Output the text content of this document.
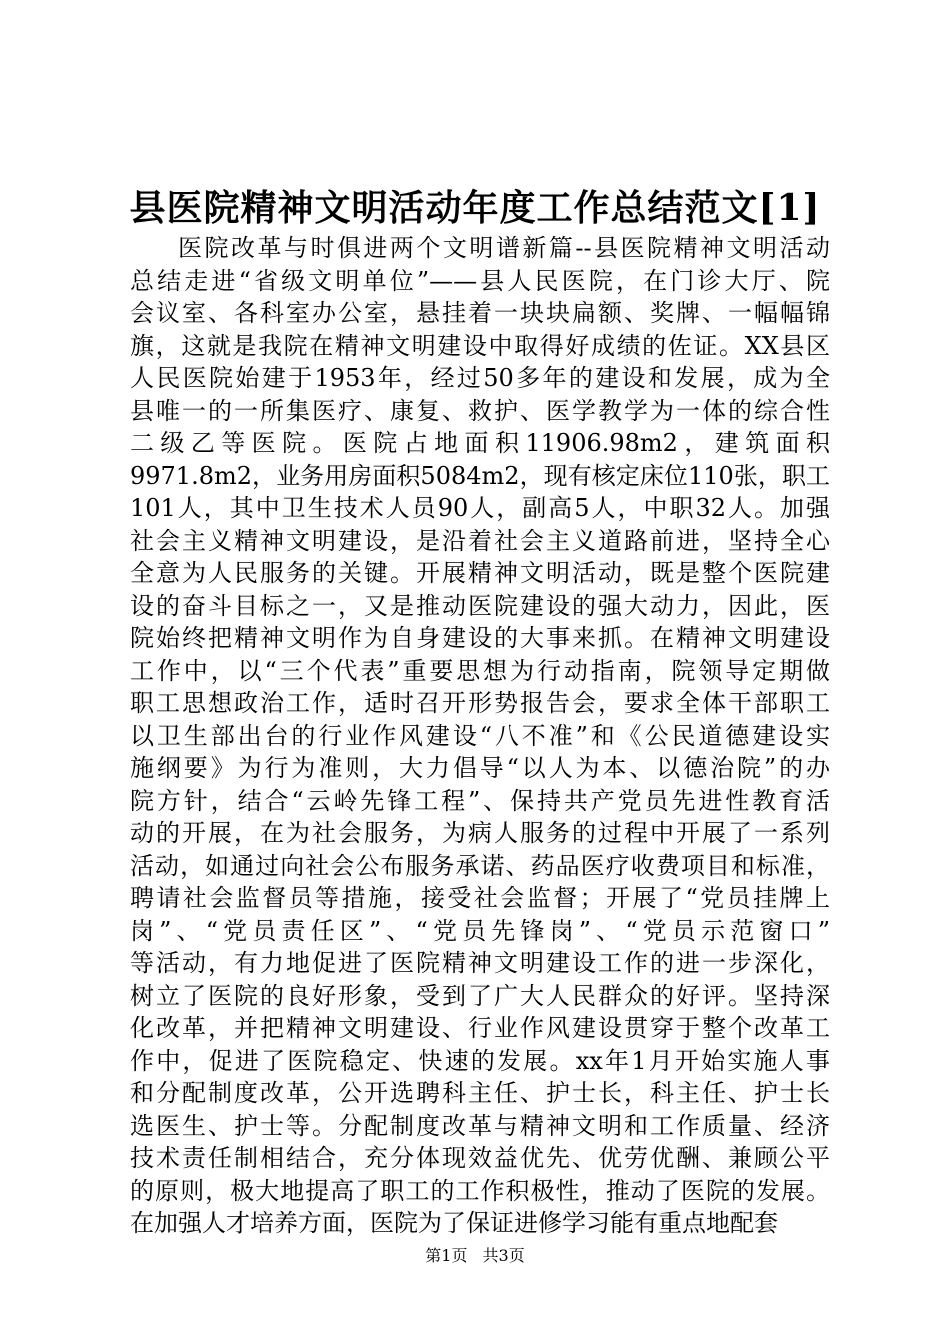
县医院精神文明活动年度工作总结范文[1]
医院改革与时俱进两个文明谱新篇--县医院精神文明活动
总结走进“省级文明单位”——县人民医院，在门诊大厅、院
会议室、各科室办公室，悬挂着一块块扁额、奖牌、一幅幅锦
旗，这就是我院在精神文明建设中取得好成绩的佐证。XX县区
人民医院始建于1953年，经过50多年的建设和发展，成为全
县唯一的一所集医疗、康复、救护、医学教学为一体的综合性
二级乙等医院。医院占地面积11906.98m2，建筑面积
9971.8m2，业务用房面积5084m2，现有核定床位110张，职工
101人，其中卫生技术人员90人，副高5人，中职32人。加强
社会主义精神文明建设，是沿着社会主义道路前进，坚持全心
全意为人民服务的关键。开展精神文明活动，既是整个医院建
设的奋斗目标之一，又是推动医院建设的强大动力，因此，医
院始终把精神文明作为自身建设的大事来抓。在精神文明建设
工作中，以“三个代表”重要思想为行动指南，院领导定期做
职工思想政治工作，适时召开形势报告会，要求全体干部职工
以卫生部出台的行业作风建设“八不准”和《公民道德建设实
施纲要》为行为准则，大力倡导“以人为本、以德治院”的办
院方针，结合“云岭先锋工程”、保持共产党员先进性教育活
动的开展，在为社会服务，为病人服务的过程中开展了一系列
活动，如通过向社会公布服务承诺、药品医疗收费项目和标准，
聘请社会监督员等措施，接受社会监督；开展了“党员挂牌上
岗”、“党员责任区”、“党员先锋岗”、“党员示范窗口”
等活动，有力地促进了医院精神文明建设工作的进一步深化，
树立了医院的良好形象，受到了广大人民群众的好评。坚持深
化改革，并把精神文明建设、行业作风建设贯穿于整个改革工
作中，促进了医院稳定、快速的发展。xx年1月开始实施人事
和分配制度改革，公开选聘科主任、护士长，科主任、护士长
选医生、护士等。分配制度改革与精神文明和工作质量、经济
技术责任制相结合，充分体现效益优先、优劳优酬、兼顾公平
的原则，极大地提高了职工的工作积极性，推动了医院的发展。
在加强人才培养方面，医院为了保证进修学习能有重点地配套
第1页 共3页
